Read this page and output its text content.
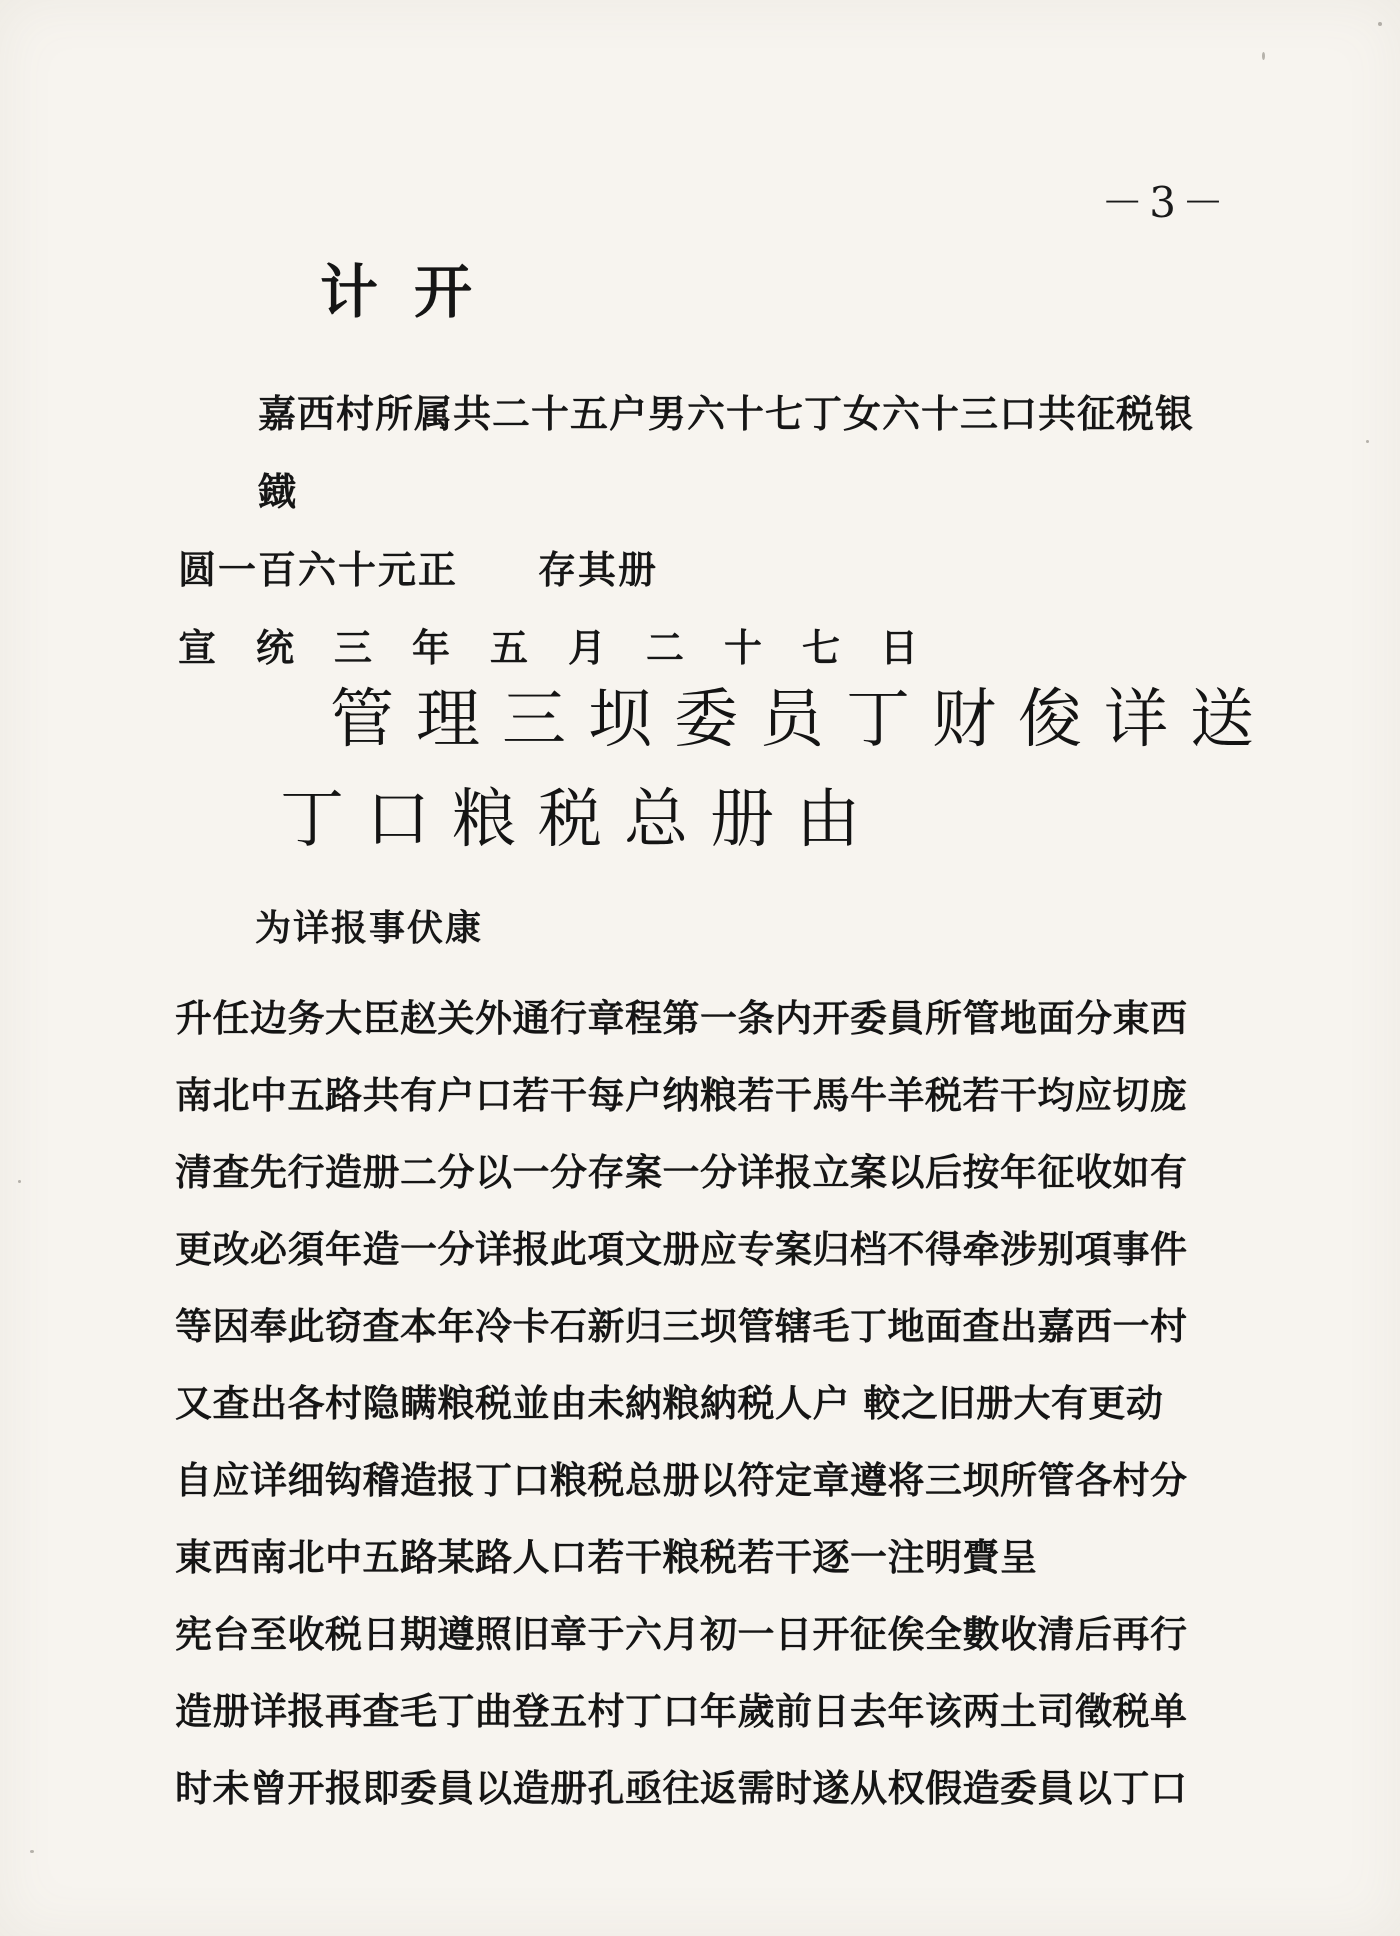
－3－
计开
嘉西村所属共二十五户男六十七丁女六十三口共征税银鐡
圆一百六十元正 存其册
宣统三年五月二十七日
管理三坝委员丁财俊详送
丁口粮税总册由
为详报事伏康
升任边务大臣赵关外通行章程第一条内开委員所管地面分東西
南北中五路共有户口若干每户纳粮若干馬牛羊税若干均应切庞
清查先行造册二分以一分存案一分详报立案以后按年征收如有
更改必須年造一分详报此項文册应专案归档不得牵涉别項事件
等因奉此窃查本年冷卡石新归三坝管辖毛丁地面查出嘉西一村
又查出各村隐瞒粮税並由未納粮納税人户 較之旧册大有更动
自应详细钩稽造报丁口粮税总册以符定章遵将三坝所管各村分
東西南北中五路某路人口若干粮税若干逐一注明賷呈
宪台至收税日期遵照旧章于六月初一日开征俟全數收清后再行
造册详报再查毛丁曲登五村丁口年歲前日去年该两土司徵税单
时未曾开报即委員以造册孔亟往返需时遂从权假造委員以丁口
